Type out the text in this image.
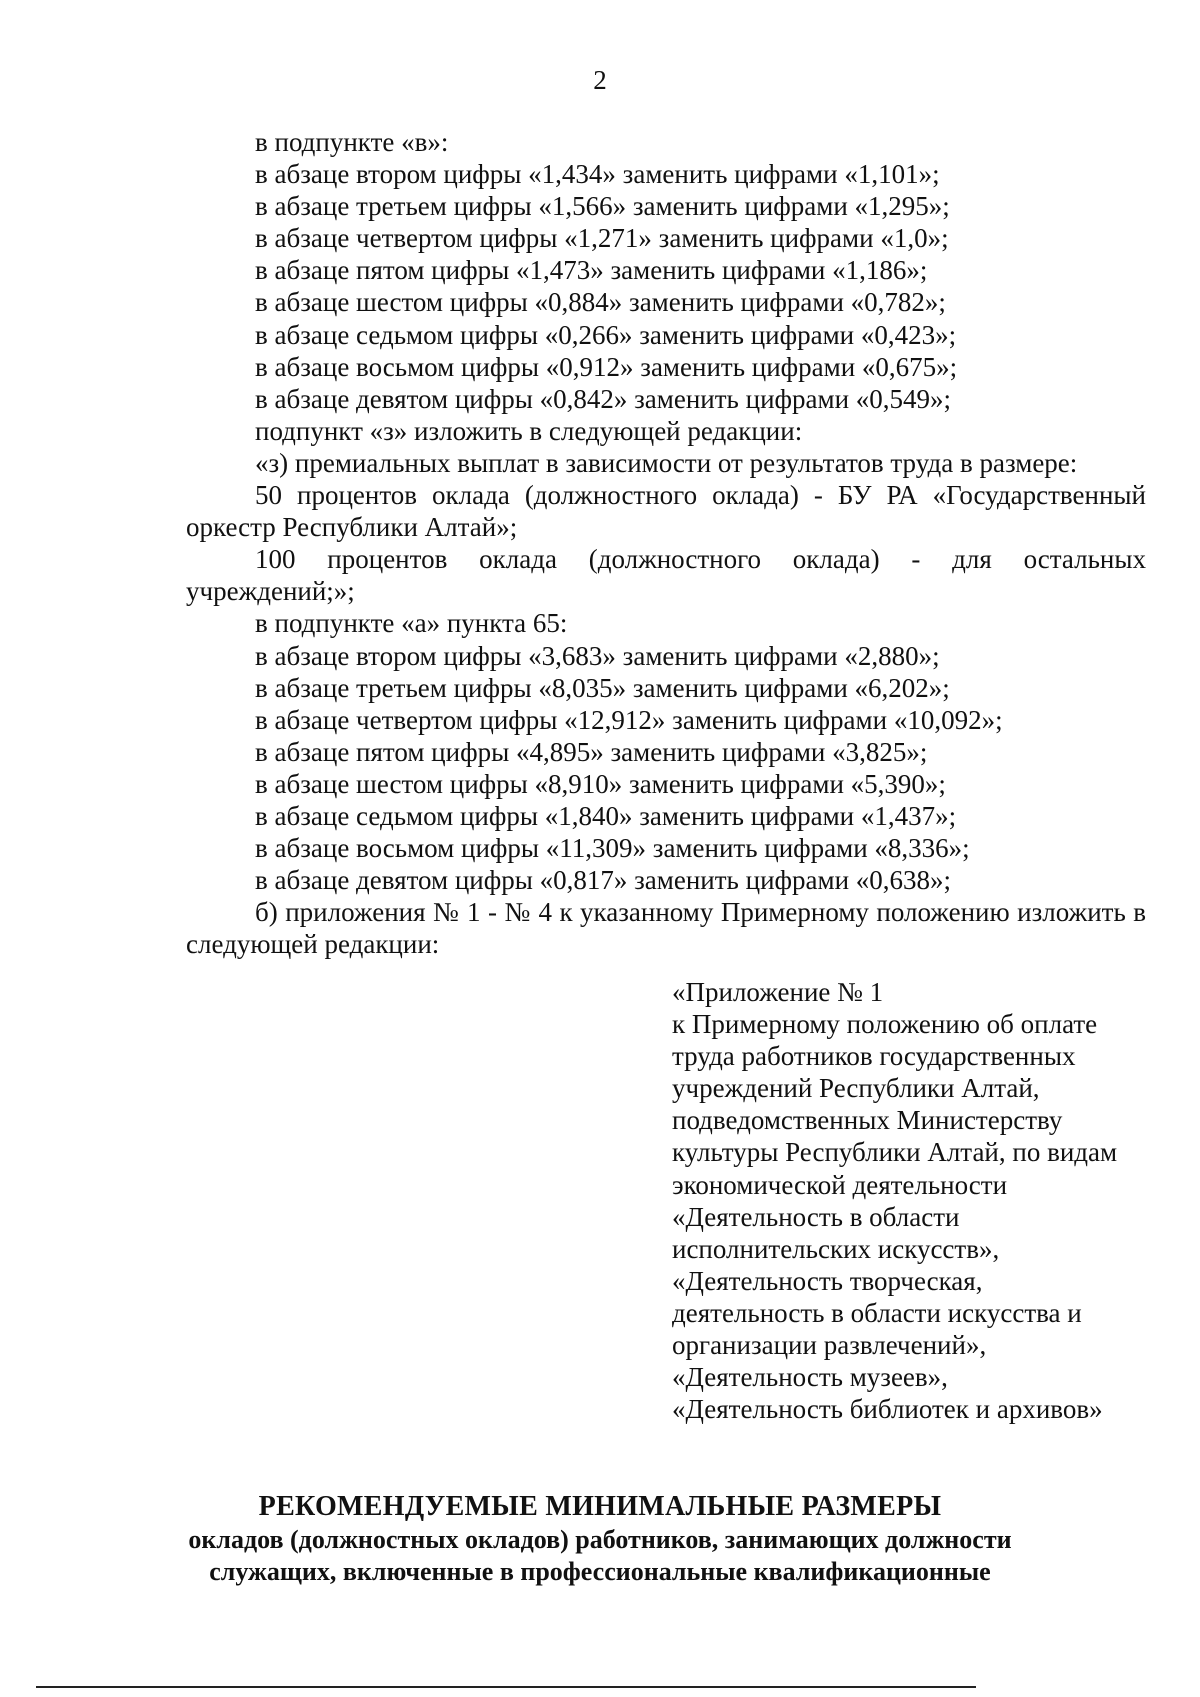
2

в подпункте «в»:

в абзаце втором цифры «1,434» заменить цифрами «1,101»;

в абзаце третьем цифры «1,566» заменить цифрами «1,295»;

в абзаце четвертом цифры «1,271» заменить цифрами «1,0»;

в абзаце пятом цифры «1,473» заменить цифрами «1,186»;

в абзаце шестом цифры «0,884» заменить цифрами «0,782»;

в абзаце седьмом цифры «0,266» заменить цифрами «0,423»;

в абзаце восьмом цифры «0,912» заменить цифрами «0,675»;

в абзаце девятом цифры «0,842» заменить цифрами «0,549»;

подпункт «з» изложить в следующей редакции:

«з) премиальных выплат в зависимости от результатов труда в размере:

50 процентов оклада (должностного оклада) - БУ РА «Государственный оркестр Республики Алтай»;

100 процентов оклада (должностного оклада) - для остальных учреждений;»;

в подпункте «а» пункта 65:

в абзаце втором цифры «3,683» заменить цифрами «2,880»;

в абзаце третьем цифры «8,035» заменить цифрами «6,202»;

в абзаце четвертом цифры «12,912» заменить цифрами «10,092»;

в абзаце пятом цифры «4,895» заменить цифрами «3,825»;

в абзаце шестом цифры «8,910» заменить цифрами «5,390»;

в абзаце седьмом цифры «1,840» заменить цифрами «1,437»;

в абзаце восьмом цифры «11,309» заменить цифрами «8,336»;

в абзаце девятом цифры «0,817» заменить цифрами «0,638»;

б) приложения № 1 - № 4 к указанному Примерному положению изложить в следующей редакции:

«Приложение № 1
к Примерному положению об оплате
труда работников государственных
учреждений Республики Алтай,
подведомственных Министерству
культуры Республики Алтай, по видам
экономической деятельности
«Деятельность в области
исполнительских искусств»,
«Деятельность творческая,
деятельность в области искусства и
организации развлечений»,
«Деятельность музеев»,
«Деятельность библиотек и архивов»
РЕКОМЕНДУЕМЫЕ МИНИМАЛЬНЫЕ РАЗМЕРЫ
окладов (должностных окладов) работников, занимающих должности
служащих, включенные в профессиональные квалификационные
